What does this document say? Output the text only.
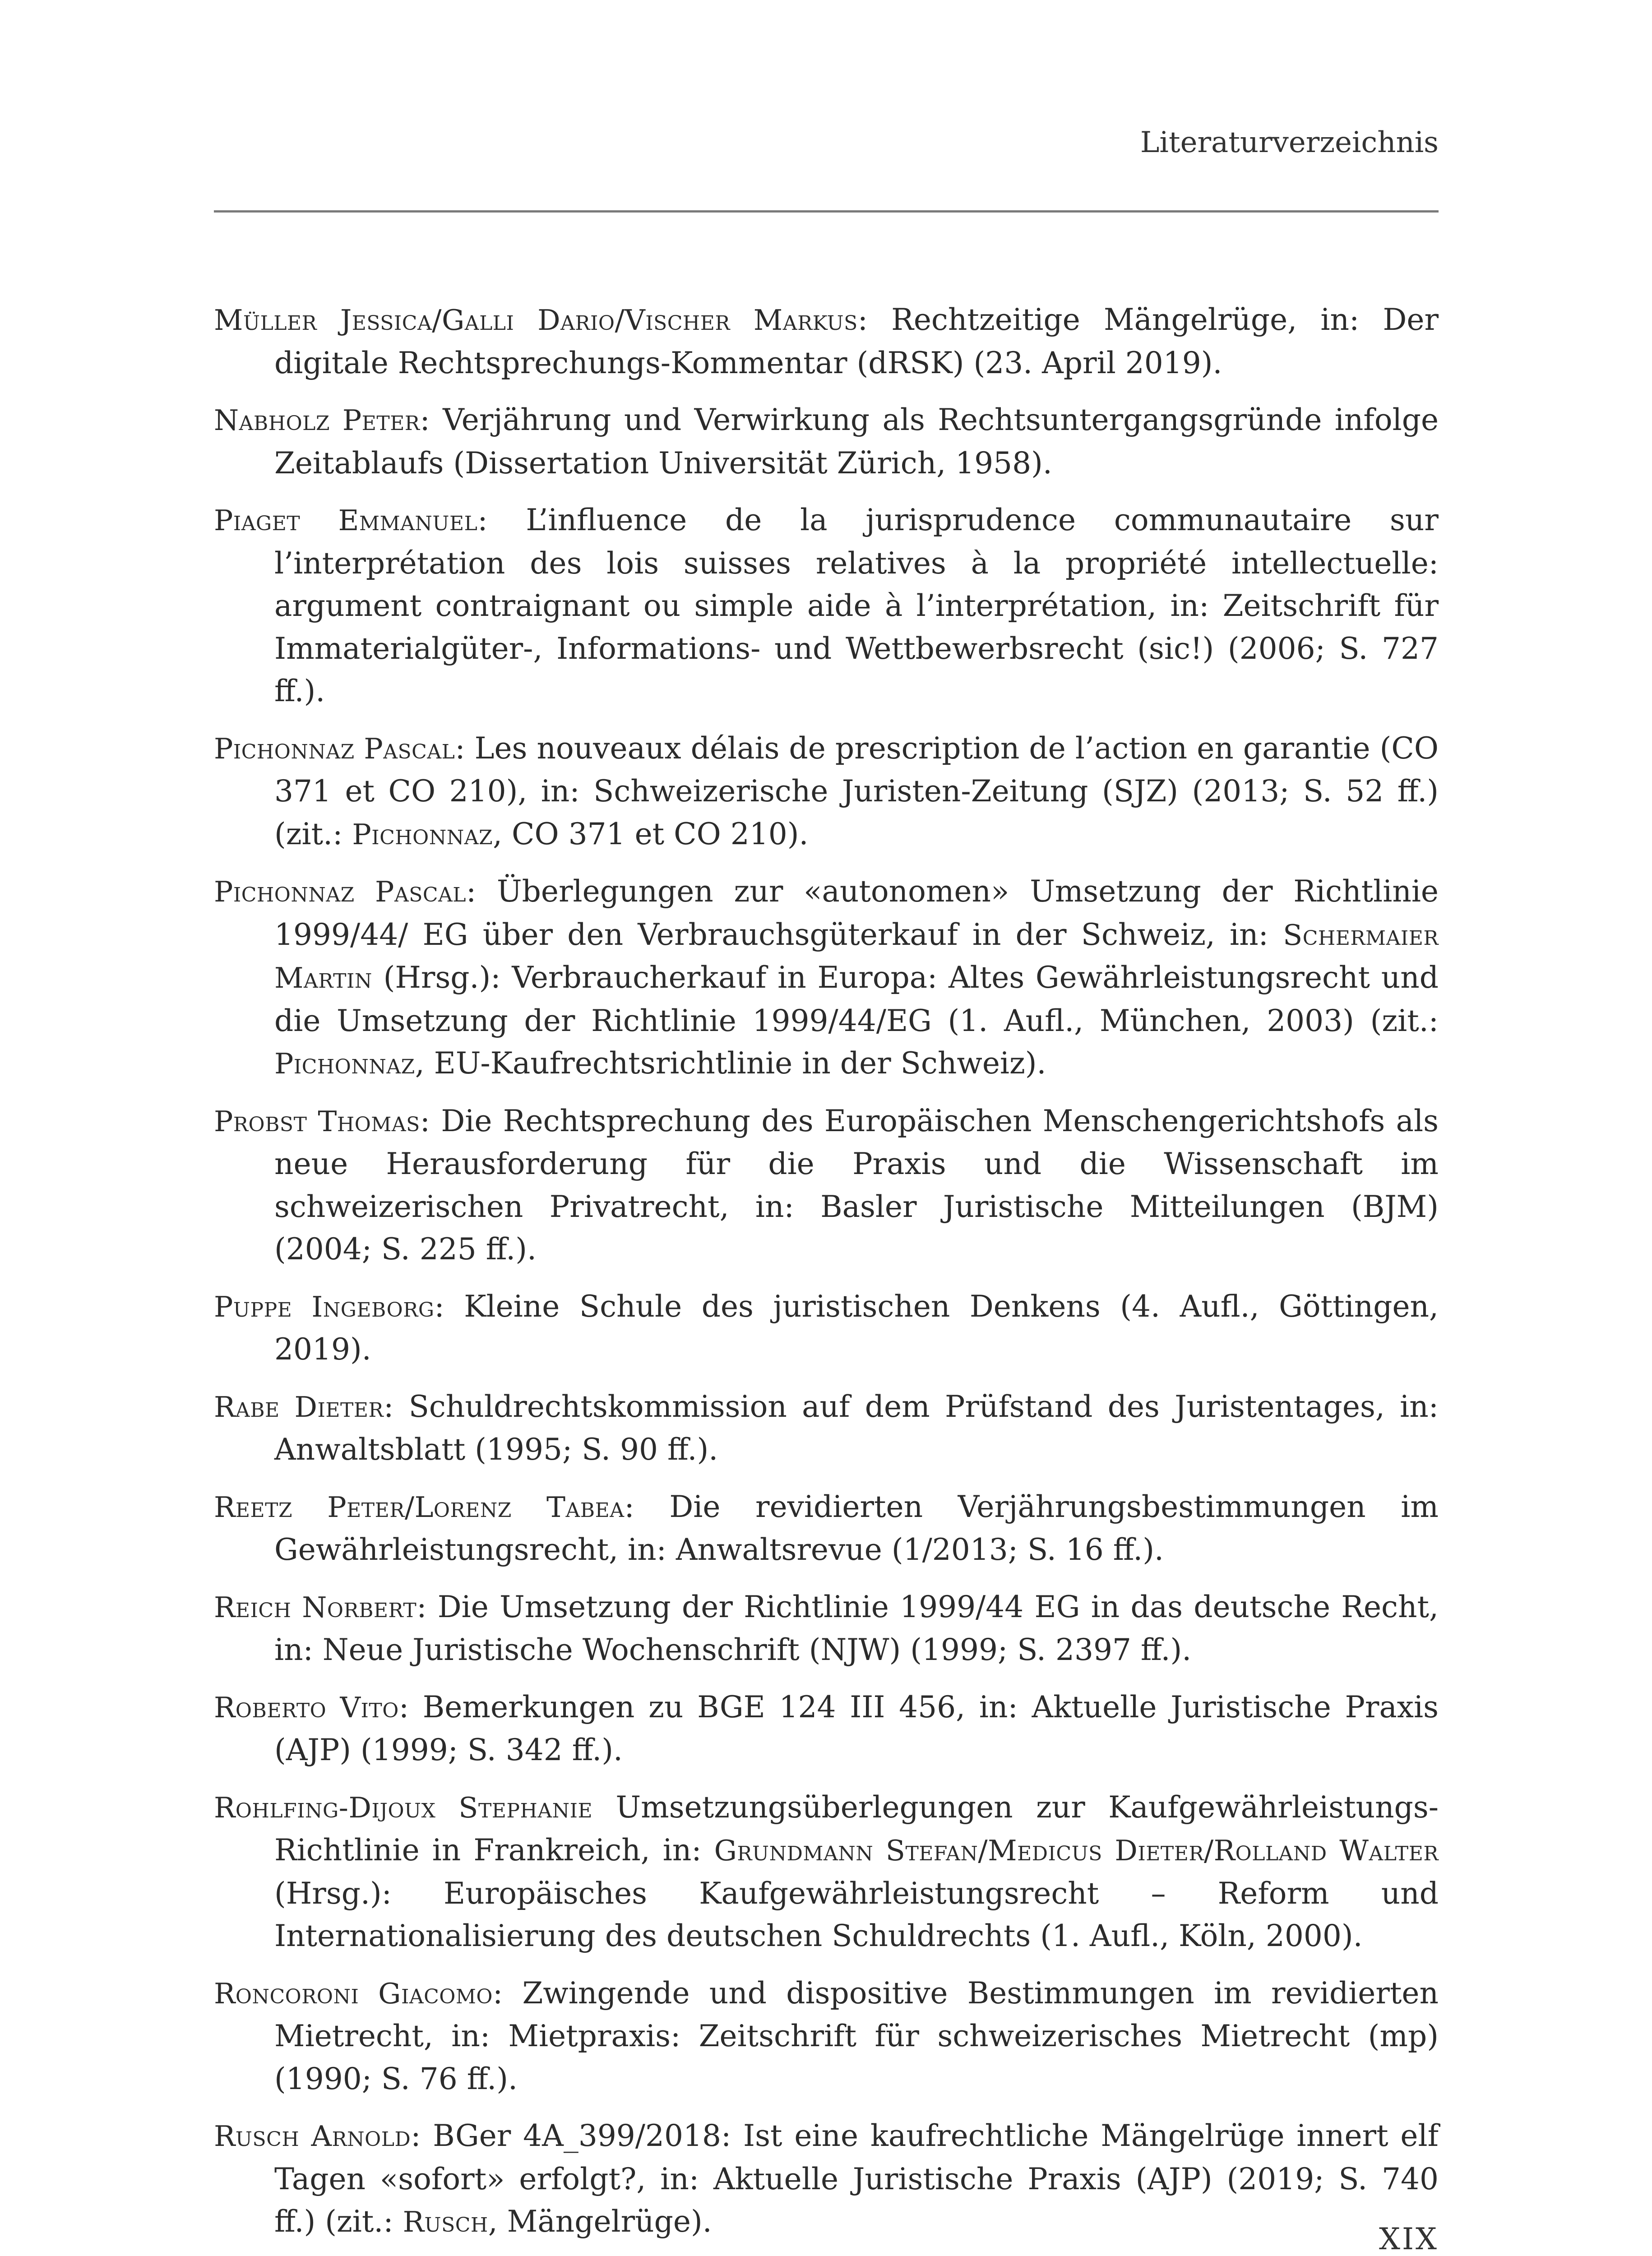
Literaturverzeichnis

Müller Jessica/Galli Dario/Vischer Markus: Rechtzeitige Mängelrüge, in: Der digitale Rechtsprechungs-Kommentar (dRSK) (23. April 2019).

Nabholz Peter: Verjährung und Verwirkung als Rechtsuntergangsgründe infolge Zeitablaufs (Dissertation Universität Zürich, 1958).

Piaget Emmanuel: L’influence de la jurisprudence communautaire sur l’interprétation des lois suisses relatives à la propriété intellectuelle: argument contraignant ou simple aide à l’interprétation, in: Zeitschrift für Immaterialgüter-, Informations- und Wettbewerbsrecht (sic!) (2006; S. 727 ff.).

Pichonnaz Pascal: Les nouveaux délais de prescription de l’action en garantie (CO 371 et CO 210), in: Schweizerische Juristen-Zeitung (SJZ) (2013; S. 52 ff.) (zit.: Pichonnaz, CO 371 et CO 210).

Pichonnaz Pascal: Überlegungen zur «autonomen» Umsetzung der Richtlinie 1999/44/ EG über den Verbrauchsgüterkauf in der Schweiz, in: Schermaier Martin (Hrsg.): Verbraucherkauf in Europa: Altes Gewährleistungsrecht und die Umsetzung der Richtlinie 1999/44/EG (1. Aufl., München, 2003) (zit.: Pichonnaz, EU-Kaufrechtsrichtlinie in der Schweiz).

Probst Thomas: Die Rechtsprechung des Europäischen Menschengerichtshofs als neue Herausforderung für die Praxis und die Wissenschaft im schweizerischen Privatrecht, in: Basler Juristische Mitteilungen (BJM) (2004; S. 225 ff.).

Puppe Ingeborg: Kleine Schule des juristischen Denkens (4. Aufl., Göttingen, 2019).

Rabe Dieter: Schuldrechtskommission auf dem Prüfstand des Juristentages, in: Anwaltsblatt (1995; S. 90 ff.).

Reetz Peter/Lorenz Tabea: Die revidierten Verjährungsbestimmungen im Gewährleistungsrecht, in: Anwaltsrevue (1/2013; S. 16 ff.).

Reich Norbert: Die Umsetzung der Richtlinie 1999/44 EG in das deutsche Recht, in: Neue Juristische Wochenschrift (NJW) (1999; S. 2397 ff.).

Roberto Vito: Bemerkungen zu BGE 124 III 456, in: Aktuelle Juristische Praxis (AJP) (1999; S. 342 ff.).

Rohlfing-Dijoux Stephanie Umsetzungsüberlegungen zur Kaufgewährleistungs-Richtlinie in Frankreich, in: Grundmann Stefan/Medicus Dieter/Rolland Walter (Hrsg.): Europäisches Kaufgewährleistungsrecht – Reform und Internationalisierung des deutschen Schuldrechts (1. Aufl., Köln, 2000).

Roncoroni Giacomo: Zwingende und dispositive Bestimmungen im revidierten Mietrecht, in: Mietpraxis: Zeitschrift für schweizerisches Mietrecht (mp) (1990; S. 76 ff.).

Rusch Arnold: BGer 4A_399/2018: Ist eine kaufrechtliche Mängelrüge innert elf Tagen «sofort» erfolgt?, in: Aktuelle Juristische Praxis (AJP) (2019; S. 740 ff.) (zit.: Rusch, Mängelrüge).

XIX
